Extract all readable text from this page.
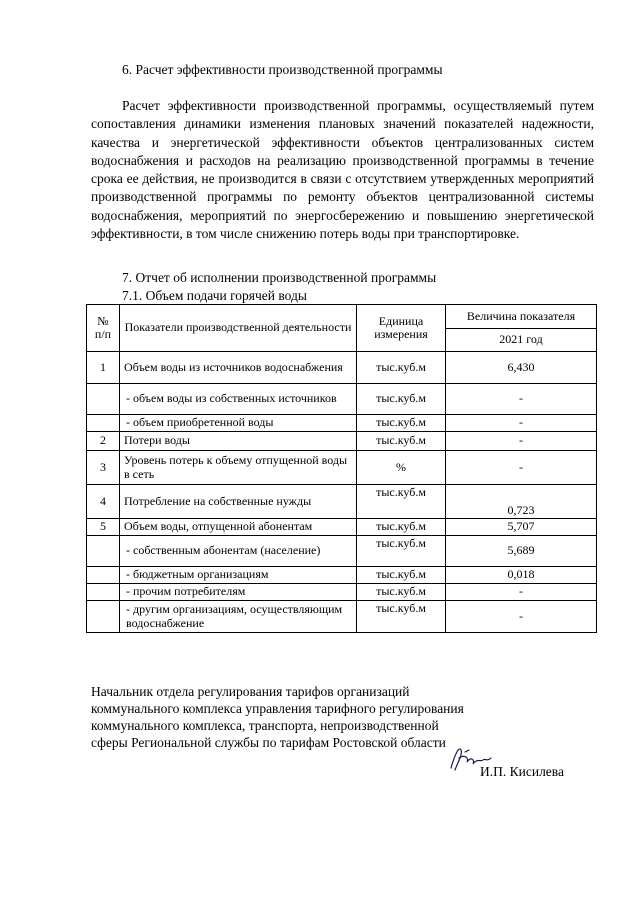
6. Расчет эффективности производственной программы
Расчет эффективности производственной программы, осуществляемый путем сопоставления динамики изменения плановых значений показателей надежности, качества и энергетической эффективности объектов централизованных систем водоснабжения и расходов на реализацию производственной программы в течение срока ее действия, не производится в связи с отсутствием утвержденных мероприятий производственной программы по ремонту объектов централизованной системы водоснабжения, мероприятий по энергосбережению и повышению энергетической эффективности, в том числе снижению потерь воды при транспортировке.
7. Отчет об исполнении производственной программы
7.1. Объем подачи горячей воды
№ п/п	Показатели производственной деятельности	Единица измерения	Величина показателя
			2021 год
1	Объем воды из источников водоснабжения	тыс.куб.м	6,430
	- объем воды из собственных источников	тыс.куб.м	-
	- объем приобретенной воды	тыс.куб.м	-
2	Потери воды	тыс.куб.м	-
3	Уровень потерь к объему отпущенной воды в сеть	%	-
4	Потребление на собственные нужды	тыс.куб.м	0,723
5	Объем воды, отпущенной абонентам	тыс.куб.м	5,707
	- собственным абонентам (население)	тыс.куб.м	5,689
	- бюджетным организациям	тыс.куб.м	0,018
	- прочим потребителям	тыс.куб.м	-
	- другим организациям, осуществляющим водоснабжение	тыс.куб.м	-
Начальник отдела регулирования тарифов организаций коммунального комплекса управления тарифного регулирования коммунального комплекса, транспорта, непроизводственной сферы Региональной службы по тарифам Ростовской области
И.П. Кисилева
